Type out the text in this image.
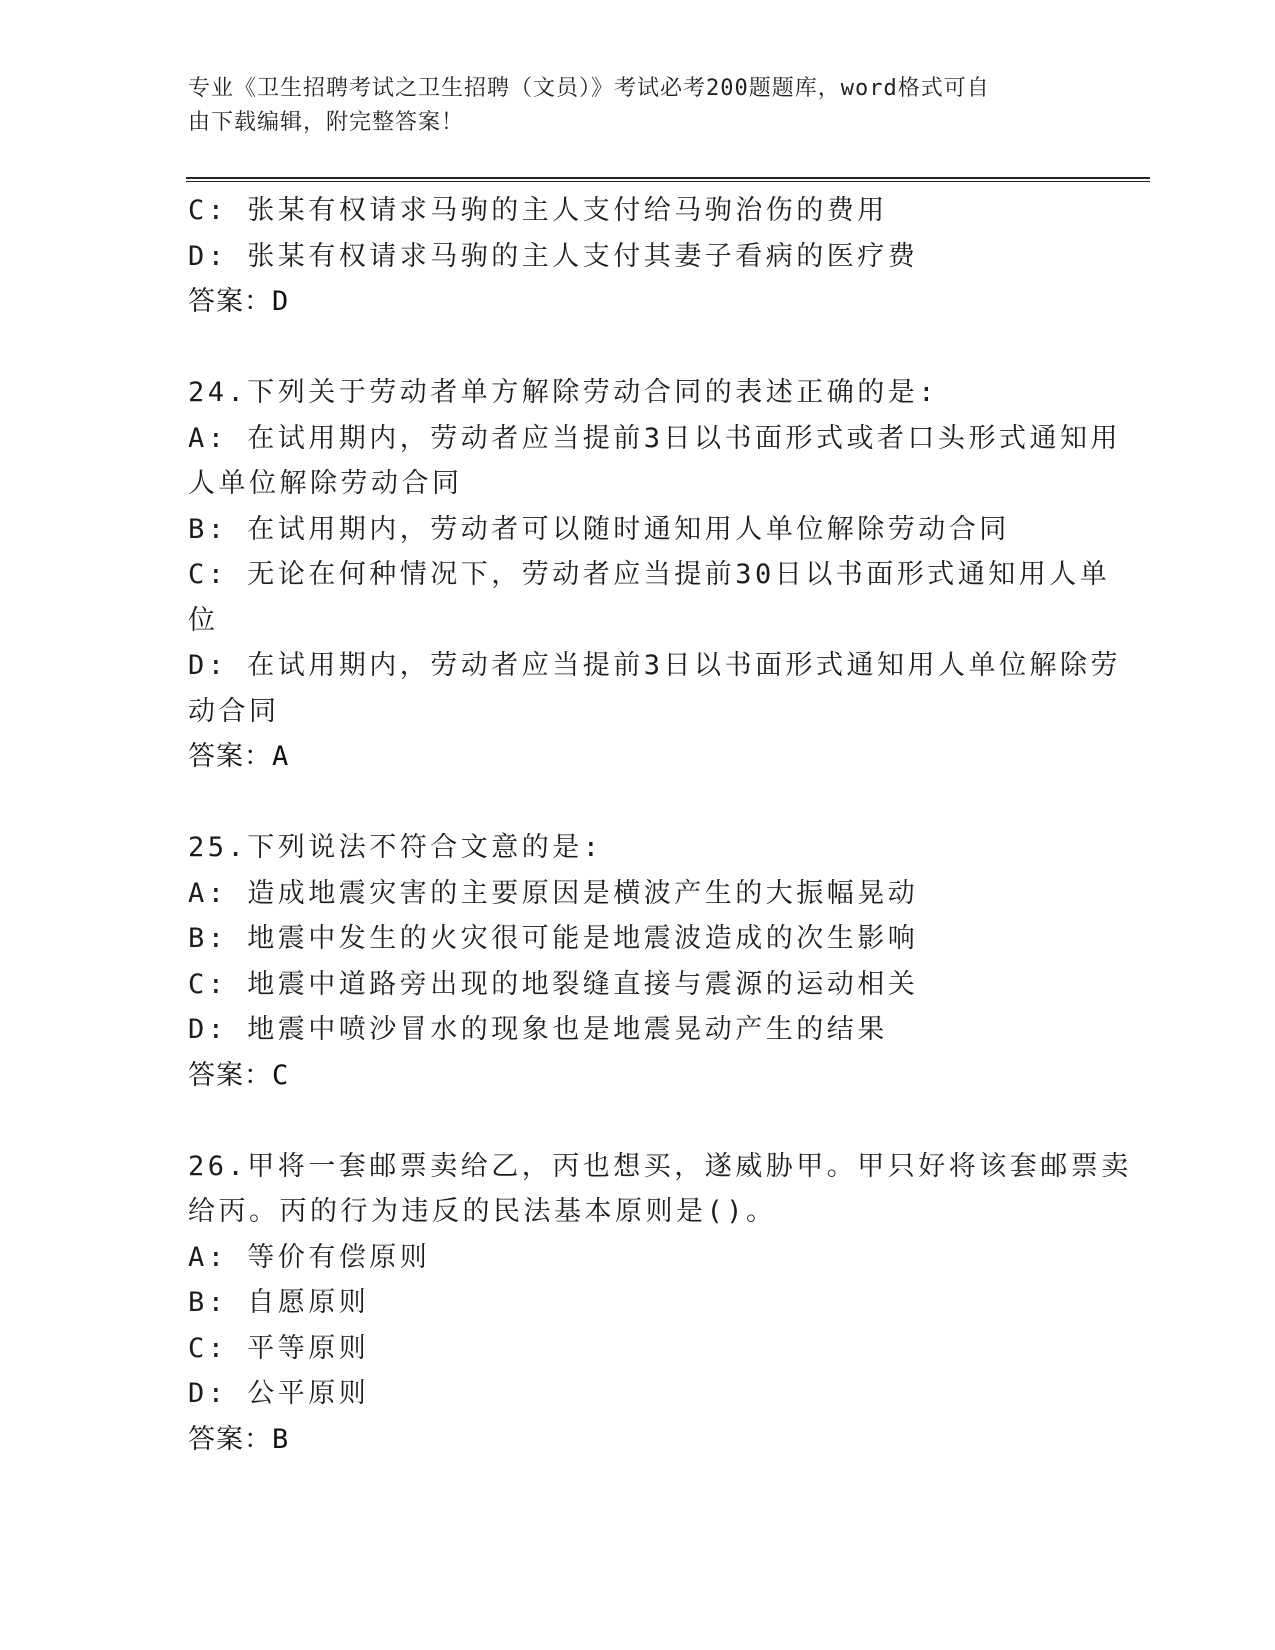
专业《卫生招聘考试之卫生招聘（文员）》考试必考200题题库，word格式可自
由下载编辑，附完整答案！
C: 张某有权请求马驹的主人支付给马驹治伤的费用
D: 张某有权请求马驹的主人支付其妻子看病的医疗费
答案：D
24.下列关于劳动者单方解除劳动合同的表述正确的是:
A: 在试用期内，劳动者应当提前3日以书面形式或者口头形式通知用
人单位解除劳动合同
B: 在试用期内，劳动者可以随时通知用人单位解除劳动合同
C: 无论在何种情况下，劳动者应当提前30日以书面形式通知用人单
位
D: 在试用期内，劳动者应当提前3日以书面形式通知用人单位解除劳
动合同
答案：A
25.下列说法不符合文意的是:
A: 造成地震灾害的主要原因是横波产生的大振幅晃动
B: 地震中发生的火灾很可能是地震波造成的次生影响
C: 地震中道路旁出现的地裂缝直接与震源的运动相关
D: 地震中喷沙冒水的现象也是地震晃动产生的结果
答案：C
26.甲将一套邮票卖给乙，丙也想买，遂威胁甲。甲只好将该套邮票卖
给丙。丙的行为违反的民法基本原则是()。
A: 等价有偿原则
B: 自愿原则
C: 平等原则
D: 公平原则
答案：B
